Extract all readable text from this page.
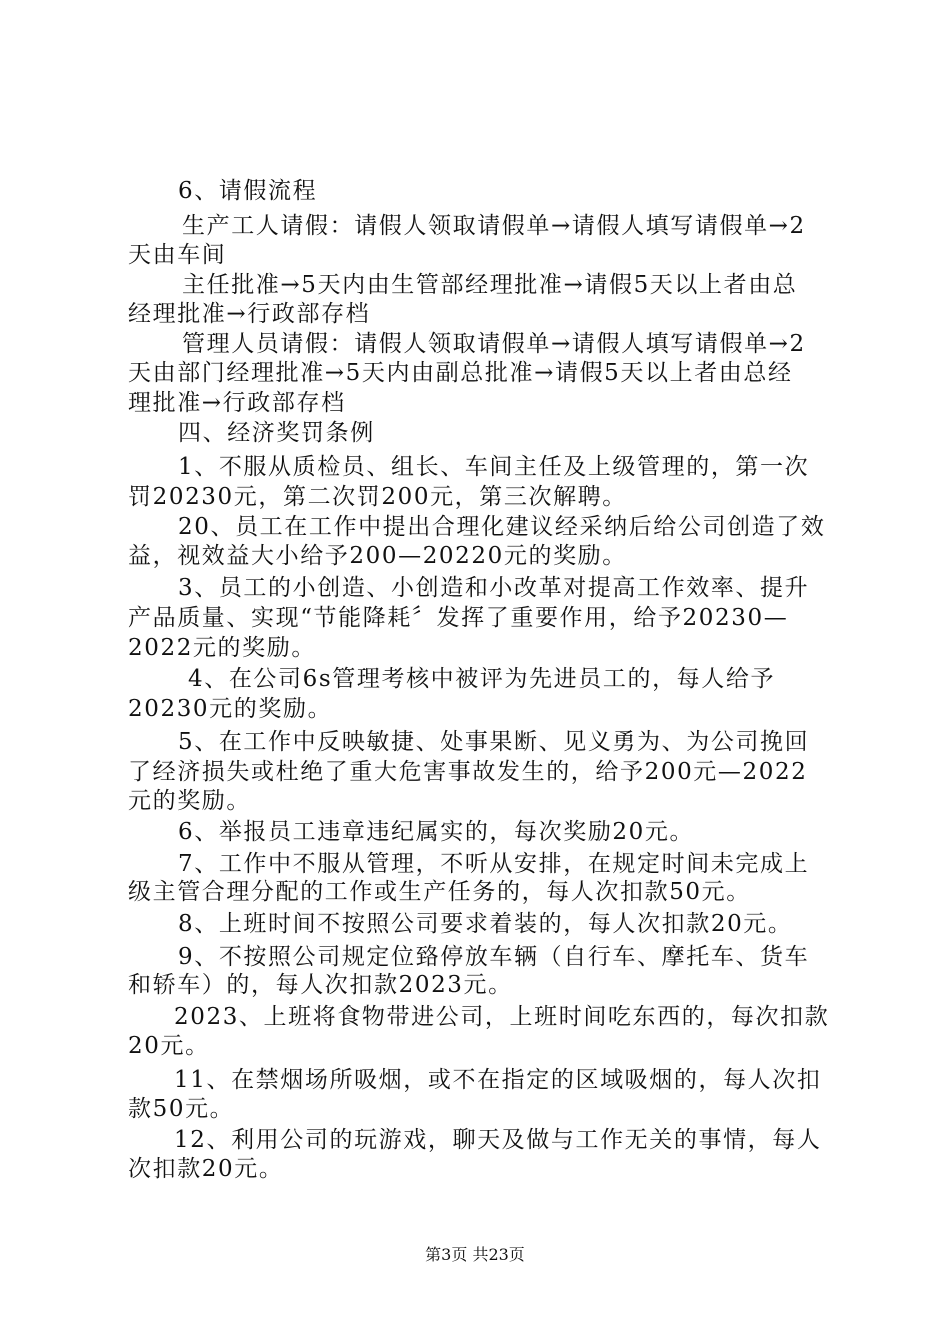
6、请假流程

生产工人请假：请假人领取请假单→请假人填写请假单→2

天由车间

主任批准→5天内由生管部经理批准→请假5天以上者由总

经理批准→行政部存档

管理人员请假：请假人领取请假单→请假人填写请假单→2

天由部门经理批准→5天内由副总批准→请假5天以上者由总经

理批准→行政部存档

四、经济奖罚条例

1、不服从质检员、组长、车间主任及上级管理的，第一次

罚20230元，第二次罚200元，第三次解聘。

20、员工在工作中提出合理化建议经采纳后给公司创造了效

益，视效益大小给予200—20220元的奖励。

3、员工的小创造、小创造和小改革对提高工作效率、提升

产品质量、实现“节能降耗〞发挥了重要作用，给予20230—

2022元的奖励。

4、在公司6s管理考核中被评为先进员工的，每人给予

20230元的奖励。

5、在工作中反映敏捷、处事果断、见义勇为、为公司挽回

了经济损失或杜绝了重大危害事故发生的，给予200元—2022

元的奖励。

6、举报员工违章违纪属实的，每次奖励20元。

7、工作中不服从管理，不听从安排，在规定时间未完成上

级主管合理分配的工作或生产任务的，每人次扣款50元。

8、上班时间不按照公司要求着装的，每人次扣款20元。

9、不按照公司规定位臵停放车辆（自行车、摩托车、货车

和轿车）的，每人次扣款2023元。

2023、上班将食物带进公司，上班时间吃东西的，每次扣款

20元。

11、在禁烟场所吸烟，或不在指定的区域吸烟的，每人次扣

款50元。

12、利用公司的玩游戏，聊天及做与工作无关的事情，每人

次扣款20元。

第3页 共23页
